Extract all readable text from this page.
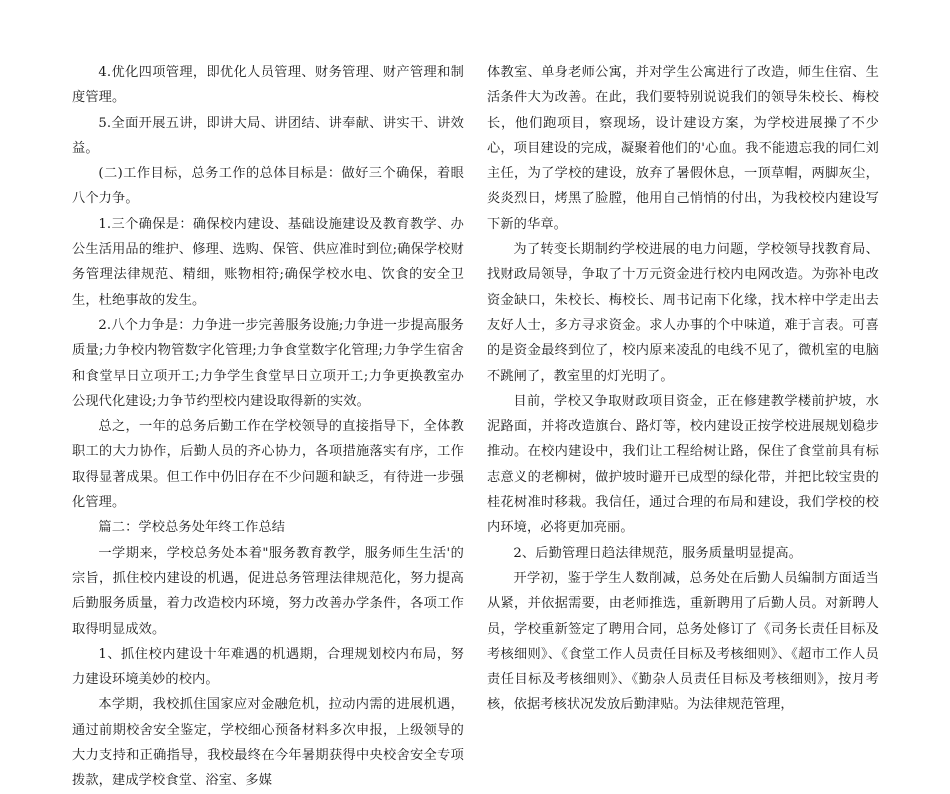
4.优化四项管理，即优化人员管理、财务管理、财产管理和制度管理。

5.全面开展五讲，即讲大局、讲团结、讲奉献、讲实干、讲效益。

(二)工作目标，总务工作的总体目标是：做好三个确保，着眼八个力争。

1.三个确保是：确保校内建设、基础设施建设及教育教学、办公生活用品的维护、修理、选购、保管、供应准时到位;确保学校财务管理法律规范、精细，账物相符;确保学校水电、饮食的安全卫生，杜绝事故的发生。

2.八个力争是：力争进一步完善服务设施;力争进一步提高服务质量;力争校内物管数字化管理;力争食堂数字化管理;力争学生宿舍和食堂早日立项开工;力争学生食堂早日立项开工;力争更换教室办公现代化建设;力争节约型校内建设取得新的实效。

总之，一年的总务后勤工作在学校领导的直接指导下，全体教职工的大力协作，后勤人员的齐心协力，各项措施落实有序，工作取得显著成果。但工作中仍旧存在不少问题和缺乏，有待进一步强化管理。

篇二：学校总务处年终工作总结

一学期来，学校总务处本着"服务教育教学，服务师生生活'的宗旨，抓住校内建设的机遇，促进总务管理法律规范化，努力提高后勤服务质量，着力改造校内环境，努力改善办学条件，各项工作取得明显成效。

1、抓住校内建设十年难遇的机遇期，合理规划校内布局，努力建设环境美妙的校内。

本学期，我校抓住国家应对金融危机，拉动内需的进展机遇，通过前期校舍安全鉴定，学校细心预备材料多次申报，上级领导的大力支持和正确指导，我校最终在今年暑期获得中央校舍安全专项拨款，建成学校食堂、浴室、多媒

体教室、单身老师公寓，并对学生公寓进行了改造，师生住宿、生活条件大为改善。在此，我们要特别说说我们的领导朱校长、梅校长，他们跑项目，察现场，设计建设方案，为学校进展操了不少心，项目建设的完成，凝聚着他们的'心血。我不能遗忘我的同仁刘主任，为了学校的建设，放弃了暑假休息，一顶草帽，两脚灰尘，炎炎烈日，烤黑了脸膛，他用自己悄悄的付出，为我校校内建设写下新的华章。

为了转变长期制约学校进展的电力问题，学校领导找教育局、找财政局领导，争取了十万元资金进行校内电网改造。为弥补电改资金缺口，朱校长、梅校长、周书记南下化缘，找木梓中学走出去友好人士，多方寻求资金。求人办事的个中味道，难于言表。可喜的是资金最终到位了，校内原来凌乱的电线不见了，微机室的电脑不跳闸了，教室里的灯光明了。

目前，学校又争取财政项目资金，正在修建教学楼前护坡，水泥路面，并将改造旗台、路灯等，校内建设正按学校进展规划稳步推动。在校内建设中，我们让工程给树让路，保住了食堂前具有标志意义的老柳树，做护坡时避开已成型的绿化带，并把比较宝贵的桂花树准时移栽。我信任，通过合理的布局和建设，我们学校的校内环境，必将更加亮丽。

2、后勤管理日趋法律规范，服务质量明显提高。

开学初，鉴于学生人数削减，总务处在后勤人员编制方面适当从紧，并依据需要，由老师推选，重新聘用了后勤人员。对新聘人员，学校重新签定了聘用合同，总务处修订了《司务长责任目标及考核细则》、《食堂工作人员责任目标及考核细则》、《超市工作人员责任目标及考核细则》、《勤杂人员责任目标及考核细则》，按月考核，依据考核状况发放后勤津贴。为法律规范管理，
